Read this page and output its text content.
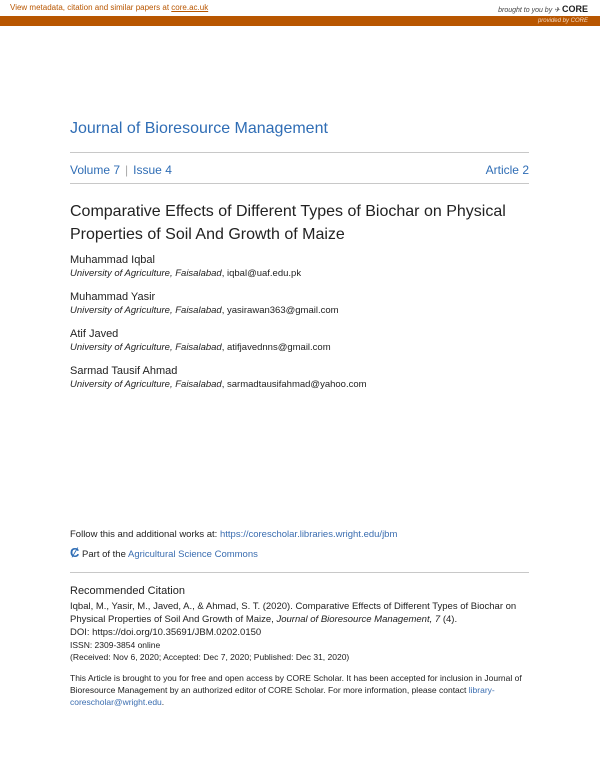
View metadata, citation and similar papers at core.ac.uk	brought to you by ✈ CORE
provided by CORE
Journal of Bioresource Management
Volume 7 | Issue 4	Article 2
Comparative Effects of Different Types of Biochar on Physical Properties of Soil And Growth of Maize
Muhammad Iqbal
University of Agriculture, Faisalabad, iqbal@uaf.edu.pk
Muhammad Yasir
University of Agriculture, Faisalabad, yasirawan363@gmail.com
Atif Javed
University of Agriculture, Faisalabad, atifjavednns@gmail.com
Sarmad Tausif Ahmad
University of Agriculture, Faisalabad, sarmadtausifahmad@yahoo.com
Follow this and additional works at: https://corescholar.libraries.wright.edu/jbm
Ȼ Part of the Agricultural Science Commons
Recommended Citation
Iqbal, M., Yasir, M., Javed, A., & Ahmad, S. T. (2020). Comparative Effects of Different Types of Biochar on
Physical Properties of Soil And Growth of Maize, Journal of Bioresource Management, 7 (4).
DOI: https://doi.org/10.35691/JBM.0202.0150
ISSN: 2309-3854 online
(Received: Nov 6, 2020; Accepted: Dec 7, 2020; Published: Dec 31, 2020)
This Article is brought to you for free and open access by CORE Scholar. It has been accepted for inclusion in Journal of Bioresource Management by an authorized editor of CORE Scholar. For more information, please contact library-corescholar@wright.edu.
